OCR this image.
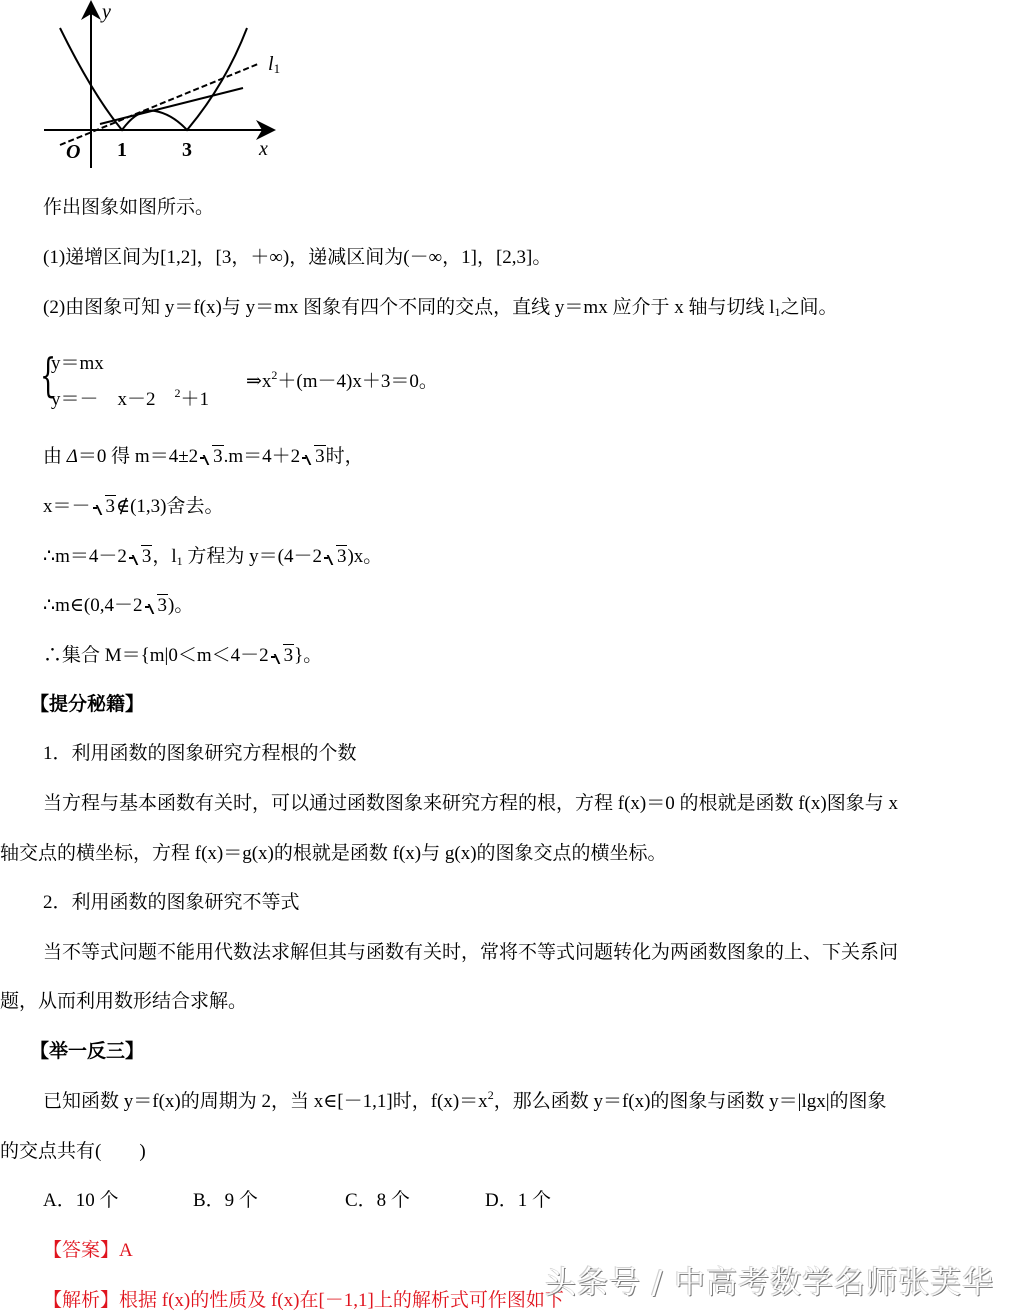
y
x
O 1	3
l1
作出图象如图所示。
(1)递增区间为[1,2]，[3，＋∞)，递减区间为(－∞，1]，[2,3]。
(2)由图象可知 y＝f(x)与 y＝mx 图象有四个不同的交点，直线 y＝mx 应介于 x 轴与切线 $l_1$之间。
{
y＝mx
y＝－　x－2　$^2$＋1
$\Rightarrow x^2+(m-4)x+3=0$。
由 Δ＝0 得 m＝4±2 3.m＝4＋2 3时，
x＝－ 3∉(1,3)舍去。
∴m＝4－2 3，$l_1$ 方程为 y＝(4－2 3)x。
∴m∈(0,4－2 3)。
∴集合 M＝{m|0＜m＜4－2 3}。
【提分秘籍】
1．利用函数的图象研究方程根的个数
当方程与基本函数有关时，可以通过函数图象来研究方程的根，方程 f(x)＝0 的根就是函数 f(x)图象与 x
轴交点的横坐标，方程 f(x)＝g(x)的根就是函数 f(x)与 g(x)的图象交点的横坐标。
2．利用函数的图象研究不等式
当不等式问题不能用代数法求解但其与函数有关时，常将不等式问题转化为两函数图象的上、下关系问
题，从而利用数形结合求解。
【举一反三】
已知函数 y＝f(x)的周期为 2，当 x∈[－1,1]时，$f(x)=x^2$，那么函数 y＝f(x)的图象与函数 y＝|lgx|的图象
的交点共有(　　)
A．10 个	B．9 个	C．8 个	D．1 个
【答案】A
【解析】根据 f(x)的性质及 f(x)在[－1,1]上的解析式可作图如下
头条号 / 中高考数学名师张芙华
